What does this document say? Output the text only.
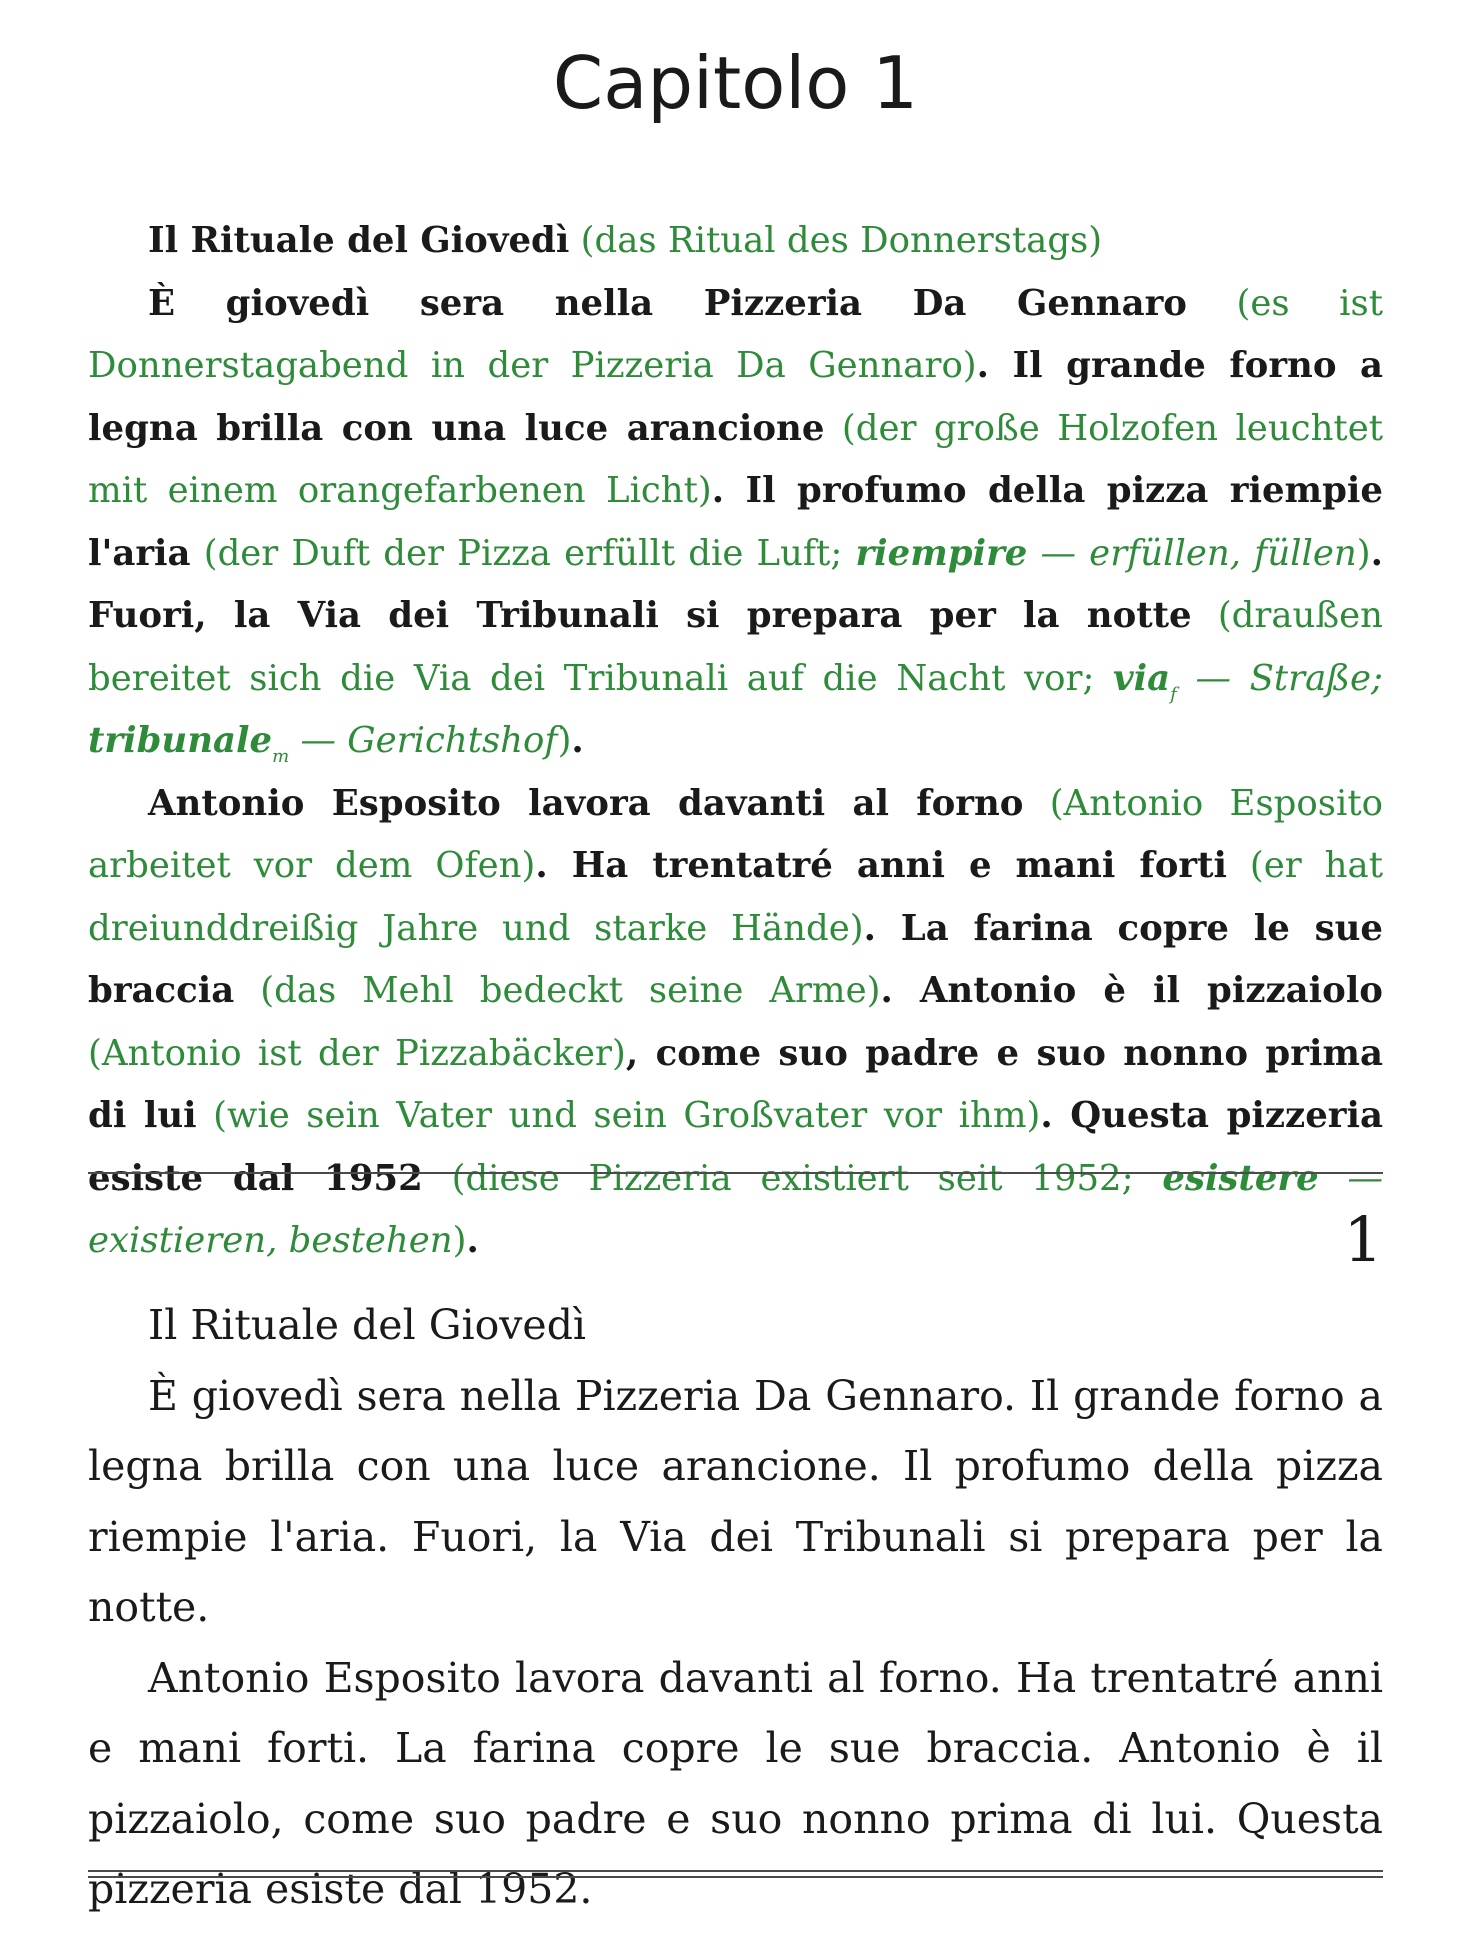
Capitolo 1

Il Rituale del Giovedì (das Ritual des Donnerstags)

È giovedì sera nella Pizzeria Da Gennaro (es ist Donnerstagabend in der Pizzeria Da Gennaro). Il grande forno a legna brilla con una luce arancione (der große Holzofen leuchtet mit einem orangefarbenen Licht). Il profumo della pizza riempie l'aria (der Duft der Pizza erfüllt die Luft; riempire — erfüllen, füllen). Fuori, la Via dei Tribunali si prepara per la notte (draußen bereitet sich die Via dei Tribunali auf die Nacht vor; via$_f$ — Straße; tribunale$_m$ — Gerichtshof).

Antonio Esposito lavora davanti al forno (Antonio Esposito arbeitet vor dem Ofen). Ha trentatré anni e mani forti (er hat dreiunddreißig Jahre und starke Hände). La farina copre le sue braccia (das Mehl bedeckt seine Arme). Antonio è il pizzaiolo (Antonio ist der Pizzabäcker), come suo padre e suo nonno prima di lui (wie sein Vater und sein Großvater vor ihm). Questa pizzeria esiste dal 1952 (diese Pizzeria existiert seit 1952; esistere — existieren, bestehen).	1

Il Rituale del Giovedì

È giovedì sera nella Pizzeria Da Gennaro. Il grande forno a legna brilla con una luce arancione. Il profumo della pizza riempie l'aria. Fuori, la Via dei Tribunali si prepara per la notte.

Antonio Esposito lavora davanti al forno. Ha trentatré anni e mani forti. La farina copre le sue braccia. Antonio è il pizzaiolo, come suo padre e suo nonno prima di lui. Questa pizzeria esiste dal 1952.
